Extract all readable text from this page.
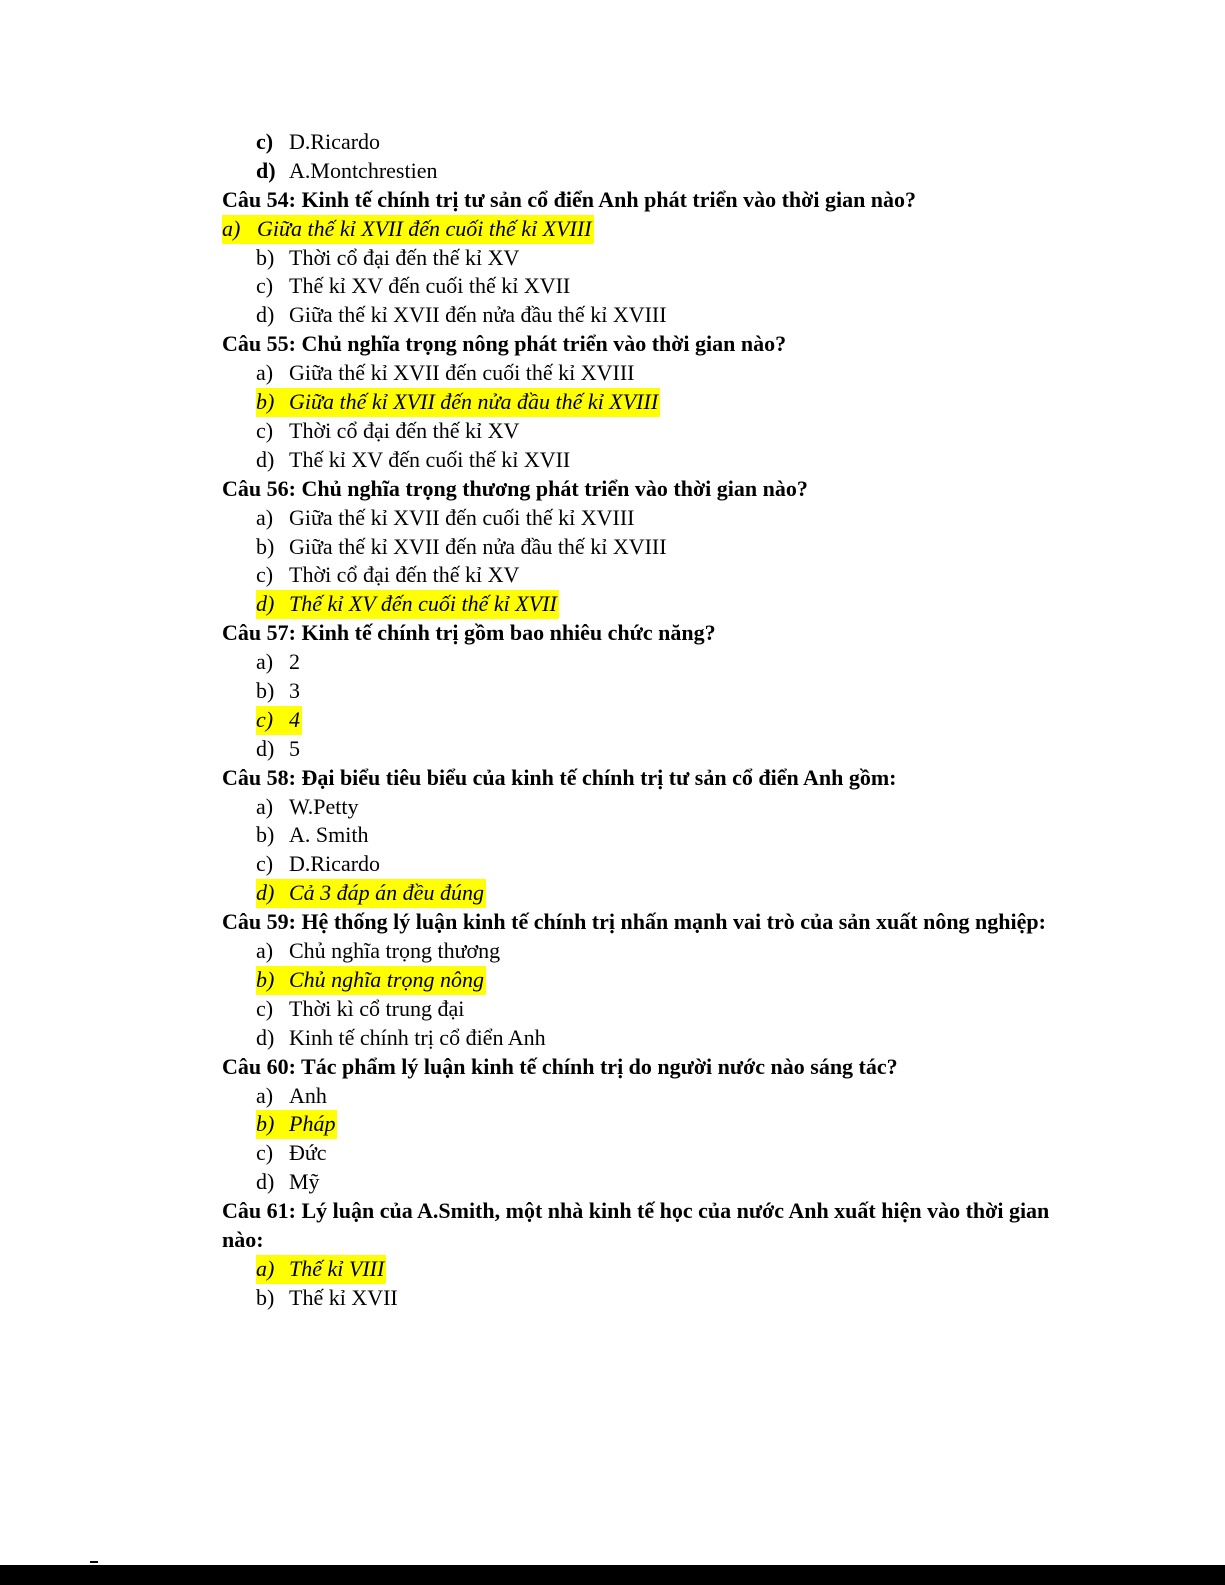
c) D.Ricardo
d) A.Montchrestien
Câu 54: Kinh tế chính trị tư sản cổ điển Anh phát triển vào thời gian nào?
a) Giữa thế kỉ XVII đến cuối thế kỉ XVIII
b) Thời cổ đại đến thế kỉ XV
c) Thế kỉ XV đến cuối thế kỉ XVII
d) Giữa thế kỉ XVII đến nửa đầu thế kỉ XVIII
Câu 55: Chủ nghĩa trọng nông phát triển vào thời gian nào?
a) Giữa thế kỉ XVII đến cuối thế kỉ XVIII
b) Giữa thế kỉ XVII đến nửa đầu thế kỉ XVIII
c) Thời cổ đại đến thế kỉ XV
d) Thế kỉ XV đến cuối thế kỉ XVII
Câu 56: Chủ nghĩa trọng thương phát triển vào thời gian nào?
a) Giữa thế kỉ XVII đến cuối thế kỉ XVIII
b) Giữa thế kỉ XVII đến nửa đầu thế kỉ XVIII
c) Thời cổ đại đến thế kỉ XV
d) Thế kỉ XV đến cuối thế kỉ XVII
Câu 57: Kinh tế chính trị gồm bao nhiêu chức năng?
a) 2
b) 3
c) 4
d) 5
Câu 58: Đại biểu tiêu biểu của kinh tế chính trị tư sản cổ điển Anh gồm:
a) W.Petty
b) A. Smith
c) D.Ricardo
d) Cả 3 đáp án đều đúng
Câu 59: Hệ thống lý luận kinh tế chính trị nhấn mạnh vai trò của sản xuất nông nghiệp:
a) Chủ nghĩa trọng thương
b) Chủ nghĩa trọng nông
c) Thời kì cổ trung đại
d) Kinh tế chính trị cổ điển Anh
Câu 60: Tác phẩm lý luận kinh tế chính trị do người nước nào sáng tác?
a) Anh
b) Pháp
c) Đức
d) Mỹ
Câu 61: Lý luận của A.Smith, một nhà kinh tế học của nước Anh xuất hiện vào thời gian nào:
a) Thế kỉ VIII
b) Thế kỉ XVII
